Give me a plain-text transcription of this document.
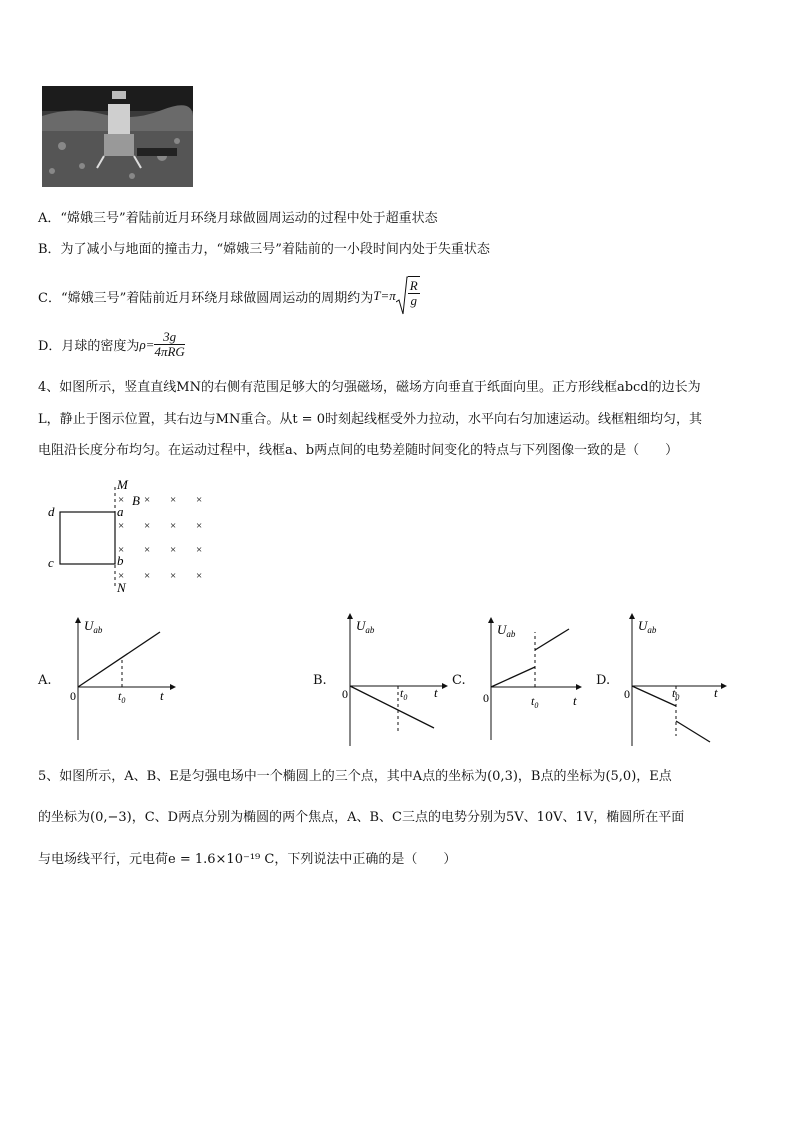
A．“嫦娥三号”着陆前近月环绕月球做圆周运动的过程中处于超重状态
B．为了减小与地面的撞击力，“嫦娥三号”着陆前的一小段时间内处于失重状态
C．“嫦娥三号”着陆前近月环绕月球做圆周运动的周期约为 $T=\pi \frac{R}{g}$
D．月球的密度为 $\rho= \frac{3g}{\text{4πRG}}$
4、如图所示，竖直直线MN的右侧有范围足够大的匀强磁场，磁场方向垂直于纸面向里。正方形线框abcd的边长为
L，静止于图示位置，其右边与MN重合。从t = 0时刻起线框受外力拉动，水平向右匀加速运动。线框粗细均匀，其
电阻沿长度分布均匀。在运动过程中，线框a、b两点间的电势差随时间变化的特点与下列图像一致的是（　　）
M
N
a
b
d
c
B × × ×
× × × ×
× × × ×
× × × ×
×
A.
$U_{ab}$
0	$t_0$	t
B.
$U_{ab}$
0	$t_0$ t
C.
$U_{ab}$
0	$t_0$	t
D.
$U_{ab}$
0	$t_0$	t
5、如图所示，A、B、E是匀强电场中一个椭圆上的三个点，其中A点的坐标为(0,3)，B点的坐标为(5,0)，E点
的坐标为(0,−3)，C、D两点分别为椭圆的两个焦点，A、B、C三点的电势分别为5V、10V、1V，椭圆所在平面
与电场线平行，元电荷e = 1.6×10⁻¹⁹ C，下列说法中正确的是（　　）
